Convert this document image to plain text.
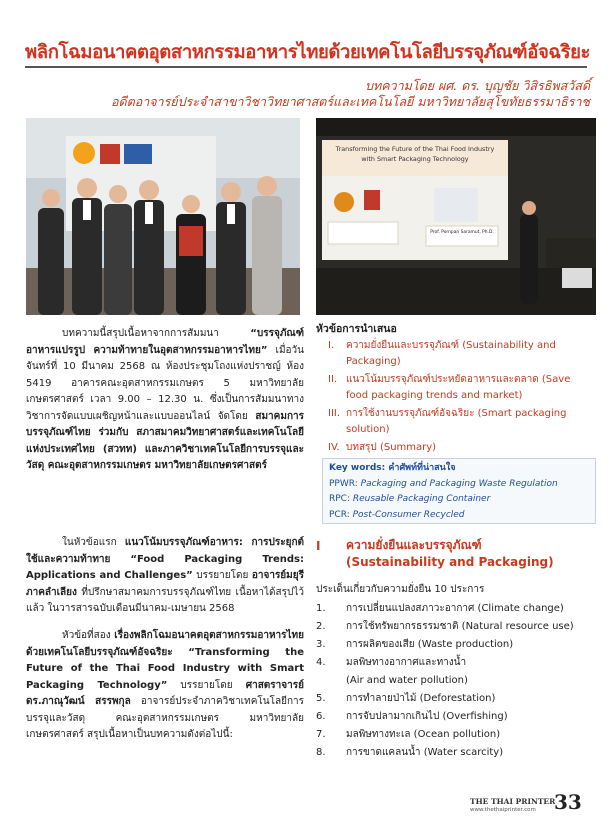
พลิกโฉมอนาคตอุตสาหกรรมอาหารไทยด้วยเทคโนโลยีบรรจุภัณฑ์อัจฉริยะ
บทความโดย ผศ. ดร. บุญชัย วิสิรธิพสวัสดิ์
อดีตอาจารย์ประจำสาขาวิชาวิทยาศาสตร์และเทคโนโลยี มหาวิทยาลัยสุโขทัยธรรมาธิราช
Transforming the Future of the Thai Food Industry
with Smart Packaging Technology
Prof. Pornpan Saramut, Ph.D.
บทความนี้สรุปเนื้อหาจากการสัมมนา “บรรจุภัณฑ์อาหารแปรรูป ความท้าทายในอุตสาหกรรมอาหารไทย” เมื่อวันจันทร์ที่ 10 มีนาคม 2568 ณ ห้องประชุมโถงแห่งปราชญ์ ห้อง 5419 อาคารคณะอุตสาหกรรมเกษตร 5 มหาวิทยาลัยเกษตรศาสตร์ เวลา 9.00 – 12.30 น. ซึ่งเป็นการสัมมนาทางวิชาการจัดแบบเผชิญหน้าและแบบออนไลน์ จัดโดย สมาคมการบรรจุภัณฑ์ไทย ร่วมกับ สภาสมาคมวิทยาศาสตร์และเทคโนโลยีแห่งประเทศไทย (สวทท) และภาควิชาเทคโนโลยีการบรรจุและวัสดุ คณะอุตสาหกรรมเกษตร มหาวิทยาลัยเกษตรศาสตร์
ในหัวข้อแรก แนวโน้มบรรจุภัณฑ์อาหาร: การประยุกต์ใช้และความท้าทาย “Food Packaging Trends: Applications and Challenges” บรรยายโดย อาจารย์มยุรี ภาคลำเลียง ที่ปรึกษาสมาคมการบรรจุภัณฑ์ไทย เนื้อหาได้สรุปไว้แล้ว ในวารสารฉบับเดือนมีนาคม-เมษายน 2568
หัวข้อที่สอง เรื่องพลิกโฉมอนาคตอุตสาหกรรมอาหารไทยด้วยเทคโนโลยีบรรจุภัณฑ์อัจฉริยะ “Transforming the Future of the Thai Food Industry with Smart Packaging Technology” บรรยายโดย ศาสตราจารย์ ดร.ภาณุวัฒน์ สรรพกุล อาจารย์ประจำภาควิชาเทคโนโลยีการบรรจุและวัสดุ คณะอุตสาหกรรมเกษตร มหาวิทยาลัยเกษตรศาสตร์ สรุปเนื้อหาเป็นบทความดังต่อไปนี้:
หัวข้อการนำเสนอ
I. ความยั่งยืนและบรรจุภัณฑ์ (Sustainability and
Packaging)
II. แนวโน้มบรรจุภัณฑ์ประหยัดอาหารและตลาด (Save
food packaging trends and market)
III. การใช้งานบรรจุภัณฑ์อัจฉริยะ (Smart packaging
solution)
IV. บทสรุป (Summary)
Key words: คำศัพท์ที่น่าสนใจ
PPWR: Packaging and Packaging Waste Regulation
RPC: Reusable Packaging Container
PCR: Post-Consumer Recycled
I ความยั่งยืนและบรรจุภัณฑ์
(Sustainability and Packaging)
ประเด็นเกี่ยวกับความยั่งยืน 10 ประการ
1. การเปลี่ยนแปลงสภาวะอากาศ (Climate change)
2. การใช้ทรัพยากรธรรมชาติ (Natural resource use)
3. การผลิตของเสีย (Waste production)
4. มลพิษทางอากาศและทางน้ำ
(Air and water pollution)
5. การทำลายป่าไม้ (Deforestation)
6. การจับปลามากเกินไป (Overfishing)
7. มลพิษทางทะเล (Ocean pollution)
8. การขาดแคลนน้ำ (Water scarcity)
THE THAI PRINTER
www.thethaiprinter.com 33
